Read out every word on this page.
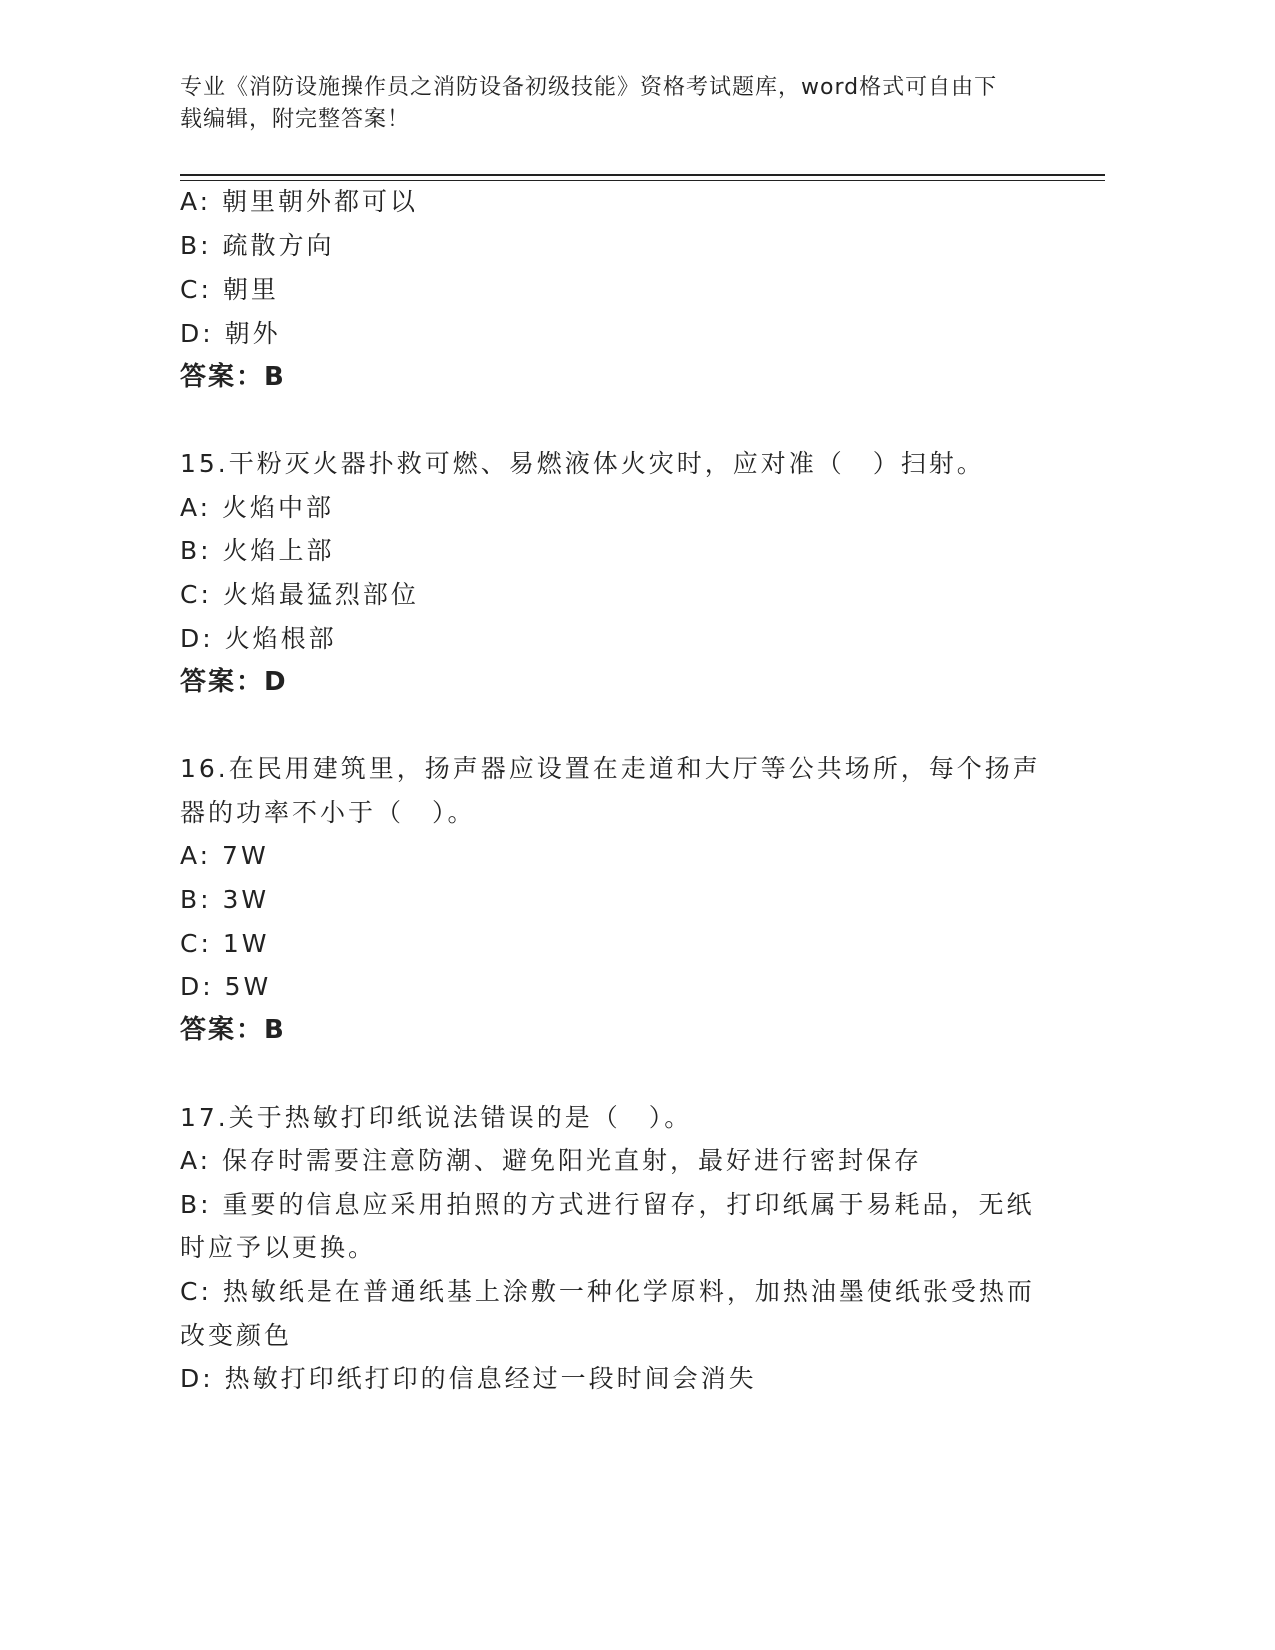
专业《消防设施操作员之消防设备初级技能》资格考试题库，word格式可自由下
载编辑，附完整答案！
A: 朝里朝外都可以
B: 疏散方向
C: 朝里
D: 朝外
答案：B
15.干粉灭火器扑救可燃、易燃液体火灾时，应对准（　）扫射。
A: 火焰中部
B: 火焰上部
C: 火焰最猛烈部位
D: 火焰根部
答案：D
16.在民用建筑里，扬声器应设置在走道和大厅等公共场所，每个扬声
器的功率不小于（　）。
A: 7W
B: 3W
C: 1W
D: 5W
答案：B
17.关于热敏打印纸说法错误的是（　）。
A: 保存时需要注意防潮、避免阳光直射，最好进行密封保存
B: 重要的信息应采用拍照的方式进行留存，打印纸属于易耗品，无纸
时应予以更换。
C: 热敏纸是在普通纸基上涂敷一种化学原料，加热油墨使纸张受热而
改变颜色
D: 热敏打印纸打印的信息经过一段时间会消失
